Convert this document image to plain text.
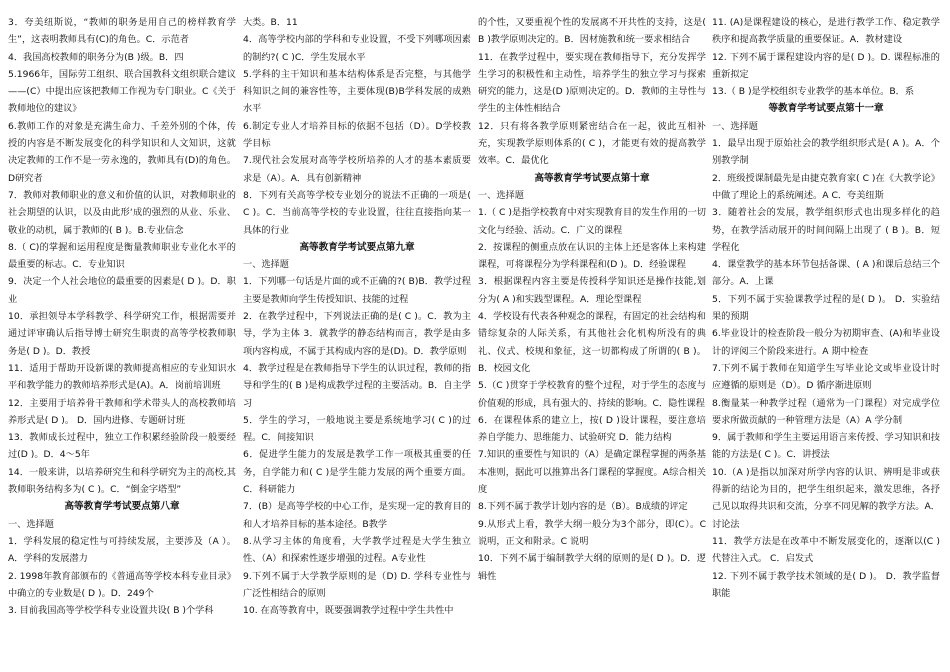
3．夸美纽斯说，“教师的职务是用自己的榜样教育学生”，这表明教师具有(C)的角色。C．示范者

4．我国高校教师的职务分为(B )级。B．四

5.1966年，国际劳工组织、联合国教科文组织联合建议——(C）中提出应该把教师工作视为专门职业。C《关于教师地位的建议》

6.教师工作的对象是充满生命力、千差外别的个体，传授的内容是不断发展变化的科学知识和人文知识，这就决定教师的工作不是一劳永逸的，教师具有(D)的角色。D研究者

7．教师对教师职业的意义和价值的认识，对教师职业的社会期望的认识，以及由此形‘成的强烈的从业、乐业、敬业的动机，属于教师的( B )。B.专业信念

8.（ C)的掌握和运用程度是衡量教师职业专业化水平的最重要的标志。C．专业知识

9．决定一个人社会地位的最重要的因素是( D )。D．职业

10．承担领导本学科教学、科学研究工作，根据需要并通过评审确认后指导博士研究生职责的高等学校教师职务是( D )。D．教授

11．适用于帮助开设新课的教师提高相应的专业知识水平和教学能力的教师培养形式是(A)。A．岗前培训班

12．主要用于培养骨干教师和学术带头人的高校教师培养形式是( D )。 D．国内进修、专题研讨班

13．教师成长过程中，独立工作积累经验阶段一般要经过(D )。D．4～5年

14．一般来讲，以培养研究生和科学研究为主的高校,其教师职务结构多为( C )。C．“倒金字塔型”

高等教育学考试要点第八章

一、选择题

1．学科发展的稳定性与可持续发展，主要涉及（A ）。A．学科的发展潜力

2. 1998年教育部颁布的《普通高等学校本科专业目录》中确立的专业数是( D )。D．249个

3. 目前我国高等学校学科专业设置共设( B )个学科

大类。B．11

4．高等学校内部的学科和专业设置，不受下列哪项因素的制约?( C )C．学生发展水平

5.学科的主干知识和基本结构体系是否完整，与其他学科知识之间的兼容性等，主要体现(B)B学科发展的成熟水平

6.制定专业人才培养目标的依据不包括（D）。D学校教学目标

7.现代社会发展对高等学校所培养的人才的基本素质要求是（A）。A．具有创新精神

8．下列有关高等学校专业划分的说法不正确的一项是( C )。C．当前高等学校的专业设置，往往直接指向某一具体的行业

高等教育学考试要点第九章

一、选择题

1．下列哪一句话是片面的或不正确的?( B)B．教学过程主要是教师向学生传授知识、技能的过程

2．在教学过程中，下列说法正确的是( C )。C．教为主导，学为主体 3．就教学的静态结构而言，教学是由多项内容构成，不属于其构成内容的是(D)。D．教学原则

4．教学过程是在教师指导下学生的认识过程，教师的指导和学生的( B )是构成教学过程的主要活动。B．自主学习

5．学生的学习，一般地说主要是系统地学习( C )的过程。C．间接知识

6．促进学生能力的发展是教学工作一项极其重要的任务，自学能力和( C )是学生能力发展的两个重要方面。C．科研能力

7．(B）是高等学校的中心工作，是实现一定的教育目的和人才培养目标的基本途径。B教学

8.从学习主体的角度看，大学教学过程是大学生独立性、（A）和探索性逐步增强的过程。A专业性

9.下列不属于大学教学原则的是（D) D. 学科专业性与广泛性相结合的原则

10. 在高等教育中，既要强调教学过程中学生共性中

的个性，又要重视个性的发展离不开共性的支持，这是( B )教学原则决定的。B．因材施教和统一要求相结合

11．在教学过程中，要实现在教师指导下，充分发挥学生学习的积极性和主动性，培养学生的独立学习与探索研究的能力，这是(D )原则决定的。D．教师的主导性与学生的主体性相结合

12．只有将各教学原则紧密结合在一起，彼此互相补充，实现教学原则体系的( C )，才能更有效的提高教学效率。C．最优化

高等教育学考试要点第十章

一、选择题

1.（ C )是指学校教育中对实现教育目的发生作用的一切文化与经验、活动。C．广义的课程

2．按课程的侧重点放在认识的主体上还是客体上来构建课程，可将课程分为学科课程和(D )。D．经验课程

3．根据课程内容主要是传授科学知识还是操作技能,划分为( A )和实践型课程。A．理论型课程

4．学校设有代表各种观念的课程，有固定的社会结构和错综复杂的人际关系，有其他社会化机构所没有的典礼、仪式、校规和象征，这一切都构成了所谓的( B )。B．校园文化

5.（C )贯穿于学校教育的整个过程，对于学生的态度与价值观的形成，具有强大的、持续的影响。C．隐性课程

6．在课程体系的建立上，按( D )设计课程，要注意培养自学能力、思维能力、试验研究 D．能力结构

7.知识的重要性与知识的（A）是确定课程掌握的两条基本准则，据此可以推算出各门课程的掌握度。A综合相关度

8.下列不属于教学计划内容的是（B）。B成绩的评定

9.从形式上看，教学大纲一般分为3个部分，即(C）。C 说明，正文和附录。C 说明

10．下列不属于编制教学大纲的原则的是( D )。D．逻辑性

11. (A)是课程建设的核心，是进行教学工作、稳定教学秩序和提高教学质量的重要保证。A．教材建设

12. 下列不属于课程建设内容的是( D )。D. 课程标准的重新拟定

13.（ B )是学校组织专业教学的基本单位。B．系

等教育学考试要点第十一章

一、选择题

1．最早出现于原始社会的教学组织形式是( A )。A．个别教学制

2．班级授课制最先是由捷克教育家( C )在《大教学论》中做了理论上的系统阐述。A C．夸美纽斯

3．随着社会的发展，教学组织形式也出现多样化的趋势，在教学活动展开的时间间隔上出现了 ( B )。B．短学程化

4．课堂教学的基本环节包括备课、( A )和课后总结三个部分。A．上课

5．下列不属于实验课教学过程的是( D )。 D．实验结果的预期

6.毕业设计的检查阶段一般分为初期审查、(A)和毕业设计的评阅三个阶段来进行。A 期中检查

7.下列不属于教师在知道学生写毕业论文或毕业设计时应遵循的原则是（D）。D 循序渐进原则

8.衡量某一种教学过程（通常为一门课程）对完成学位要求所做贡献的一种管理方法是（A）A 学分制

9．属于教师和学生主要运用语言来传授、学习知识和技能的方法是( C )。C．讲授法

10.（A )是指以加深对所学内容的认识、辨明是非或获得新的结论为目的，把学生组织起来，激发思维，各抒己见以取得共识和交流，分享不同见解的教学方法。A．讨论法

11．教学方法是在改革中不断发展变化的，逐渐以(C )代替注入式。 C．启发式

12. 下列不属于教学技术领域的是( D )。 D．教学监督职能
